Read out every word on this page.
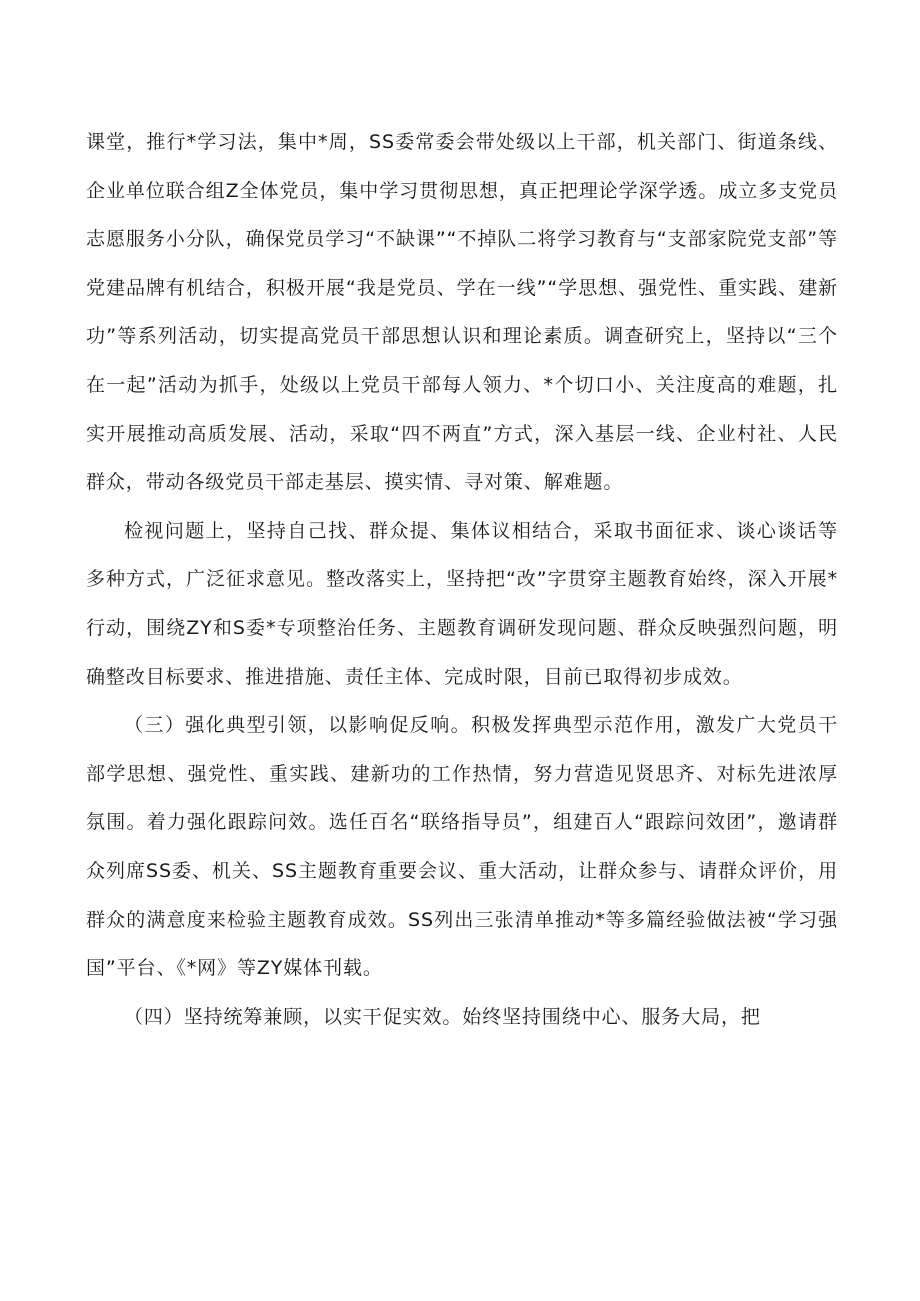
课堂，推行*学习法，集中*周，SS委常委会带处级以上干部，机关部门、街道条线、企业单位联合组Z全体党员，集中学习贯彻思想，真正把理论学深学透。成立多支党员志愿服务小分队，确保党员学习“不缺课”“不掉队二将学习教育与“支部家院党支部”等党建品牌有机结合，积极开展“我是党员、学在一线”“学思想、强党性、重实践、建新功”等系列活动，切实提高党员干部思想认识和理论素质。调查研究上，坚持以“三个在一起”活动为抓手，处级以上党员干部每人领力、*个切口小、关注度高的难题，扎实开展推动高质发展、活动，采取“四不两直”方式，深入基层一线、企业村社、人民群众，带动各级党员干部走基层、摸实情、寻对策、解难题。

检视问题上，坚持自己找、群众提、集体议相结合，采取书面征求、谈心谈话等多种方式，广泛征求意见。整改落实上，坚持把“改”字贯穿主题教育始终，深入开展*行动，围绕ZY和S委*专项整治任务、主题教育调研发现问题、群众反映强烈问题，明确整改目标要求、推进措施、责任主体、完成时限，目前已取得初步成效。

（三）强化典型引领，以影响促反响。积极发挥典型示范作用，激发广大党员干部学思想、强党性、重实践、建新功的工作热情，努力营造见贤思齐、对标先进浓厚氛围。着力强化跟踪问效。选任百名“联络指导员”，组建百人“跟踪问效团”，邀请群众列席SS委、机关、SS主题教育重要会议、重大活动，让群众参与、请群众评价，用群众的满意度来检验主题教育成效。SS列出三张清单推动*等多篇经验做法被“学习强国”平台、《*网》等ZY媒体刊载。

（四）坚持统筹兼顾，以实干促实效。始终坚持围绕中心、服务大局，把
